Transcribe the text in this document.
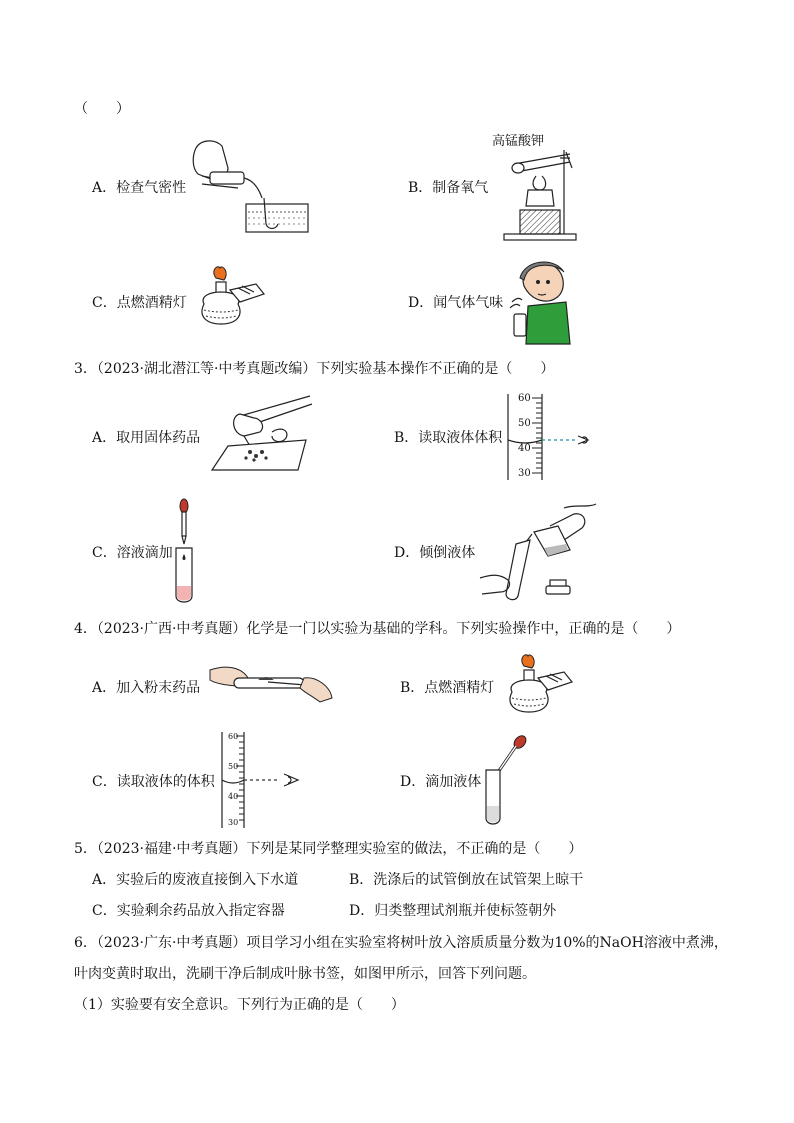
（　　）
A．检查气密性	B．制备氧气
高锰酸钾
C．点燃酒精灯	D．闻气体气味
3．（2023·湖北潜江等·中考真题改编）下列实验基本操作不正确的是（　　）
A．取用固体药品	B．读取液体体积
60
50
40
30
C．溶液滴加	D．倾倒液体
4．（2023·广西·中考真题）化学是一门以实验为基础的学科。下列实验操作中，正确的是（　　）
A．加入粉末药品	B．点燃酒精灯
C．读取液体的体积
60
50
40
30
D．滴加液体
5．（2023·福建·中考真题）下列是某同学整理实验室的做法，不正确的是（　　）
A．实验后的废液直接倒入下水道	B．洗涤后的试管倒放在试管架上晾干
C．实验剩余药品放入指定容器	D．归类整理试剂瓶并使标签朝外
6．（2023·广东·中考真题）项目学习小组在实验室将树叶放入溶质质量分数为10%的NaOH溶液中煮沸，
叶肉变黄时取出，洗刷干净后制成叶脉书签，如图甲所示，回答下列问题。
（1）实验要有安全意识。下列行为正确的是（　　）
